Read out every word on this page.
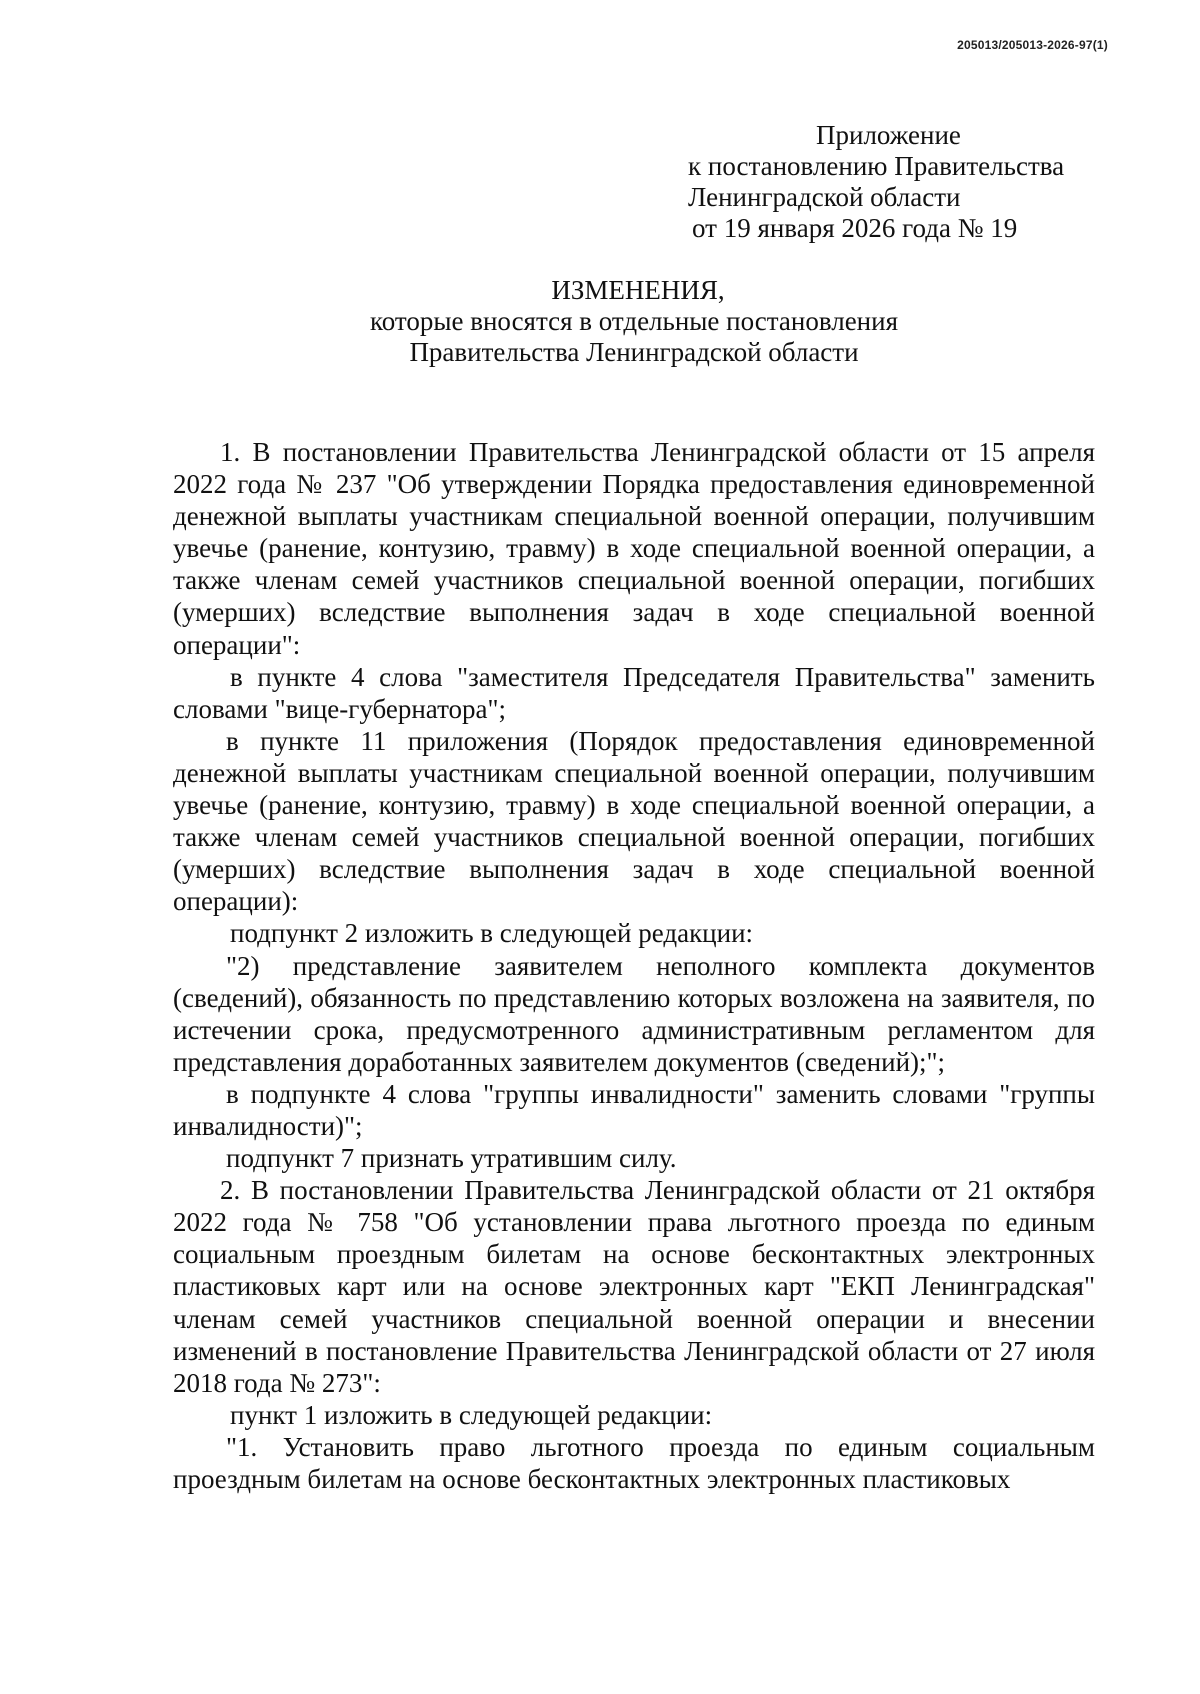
205013/205013-2026-97(1)
Приложение
к постановлению Правительства
Ленинградской области
от 19 января 2026 года № 19
ИЗМЕНЕНИЯ,
которые вносятся в отдельные постановления
Правительства Ленинградской области

1. В постановлении Правительства Ленинградской области от 15 апреля 2022 года № 237 "Об утверждении Порядка предоставления единовременной денежной выплаты участникам специальной военной операции, получившим увечье (ранение, контузию, травму) в ходе специальной военной операции, а также членам семей участников специальной военной операции, погибших (умерших) вследствие выполнения задач в ходе специальной военной операции":

в пункте 4 слова "заместителя Председателя Правительства" заменить словами "вице-губернатора";

в пункте 11 приложения (Порядок предоставления единовременной денежной выплаты участникам специальной военной операции, получившим увечье (ранение, контузию, травму) в ходе специальной военной операции, а также членам семей участников специальной военной операции, погибших (умерших) вследствие выполнения задач в ходе специальной военной операции):

подпункт 2 изложить в следующей редакции:

"2) представление заявителем неполного комплекта документов (сведений), обязанность по представлению которых возложена на заявителя, по истечении срока, предусмотренного административным регламентом для представления доработанных заявителем документов (сведений);";

в подпункте 4 слова "группы инвалидности" заменить словами "группы инвалидности)";

подпункт 7 признать утратившим силу.

2. В постановлении Правительства Ленинградской области от 21 октября 2022 года № 758 "Об установлении права льготного проезда по единым социальным проездным билетам на основе бесконтактных электронных пластиковых карт или на основе электронных карт "ЕКП Ленинградская" членам семей участников специальной военной операции и внесении изменений в постановление Правительства Ленинградской области от 27 июля 2018 года № 273":

пункт 1 изложить в следующей редакции:

"1. Установить право льготного проезда по единым социальным проездным билетам на основе бесконтактных электронных пластиковых
